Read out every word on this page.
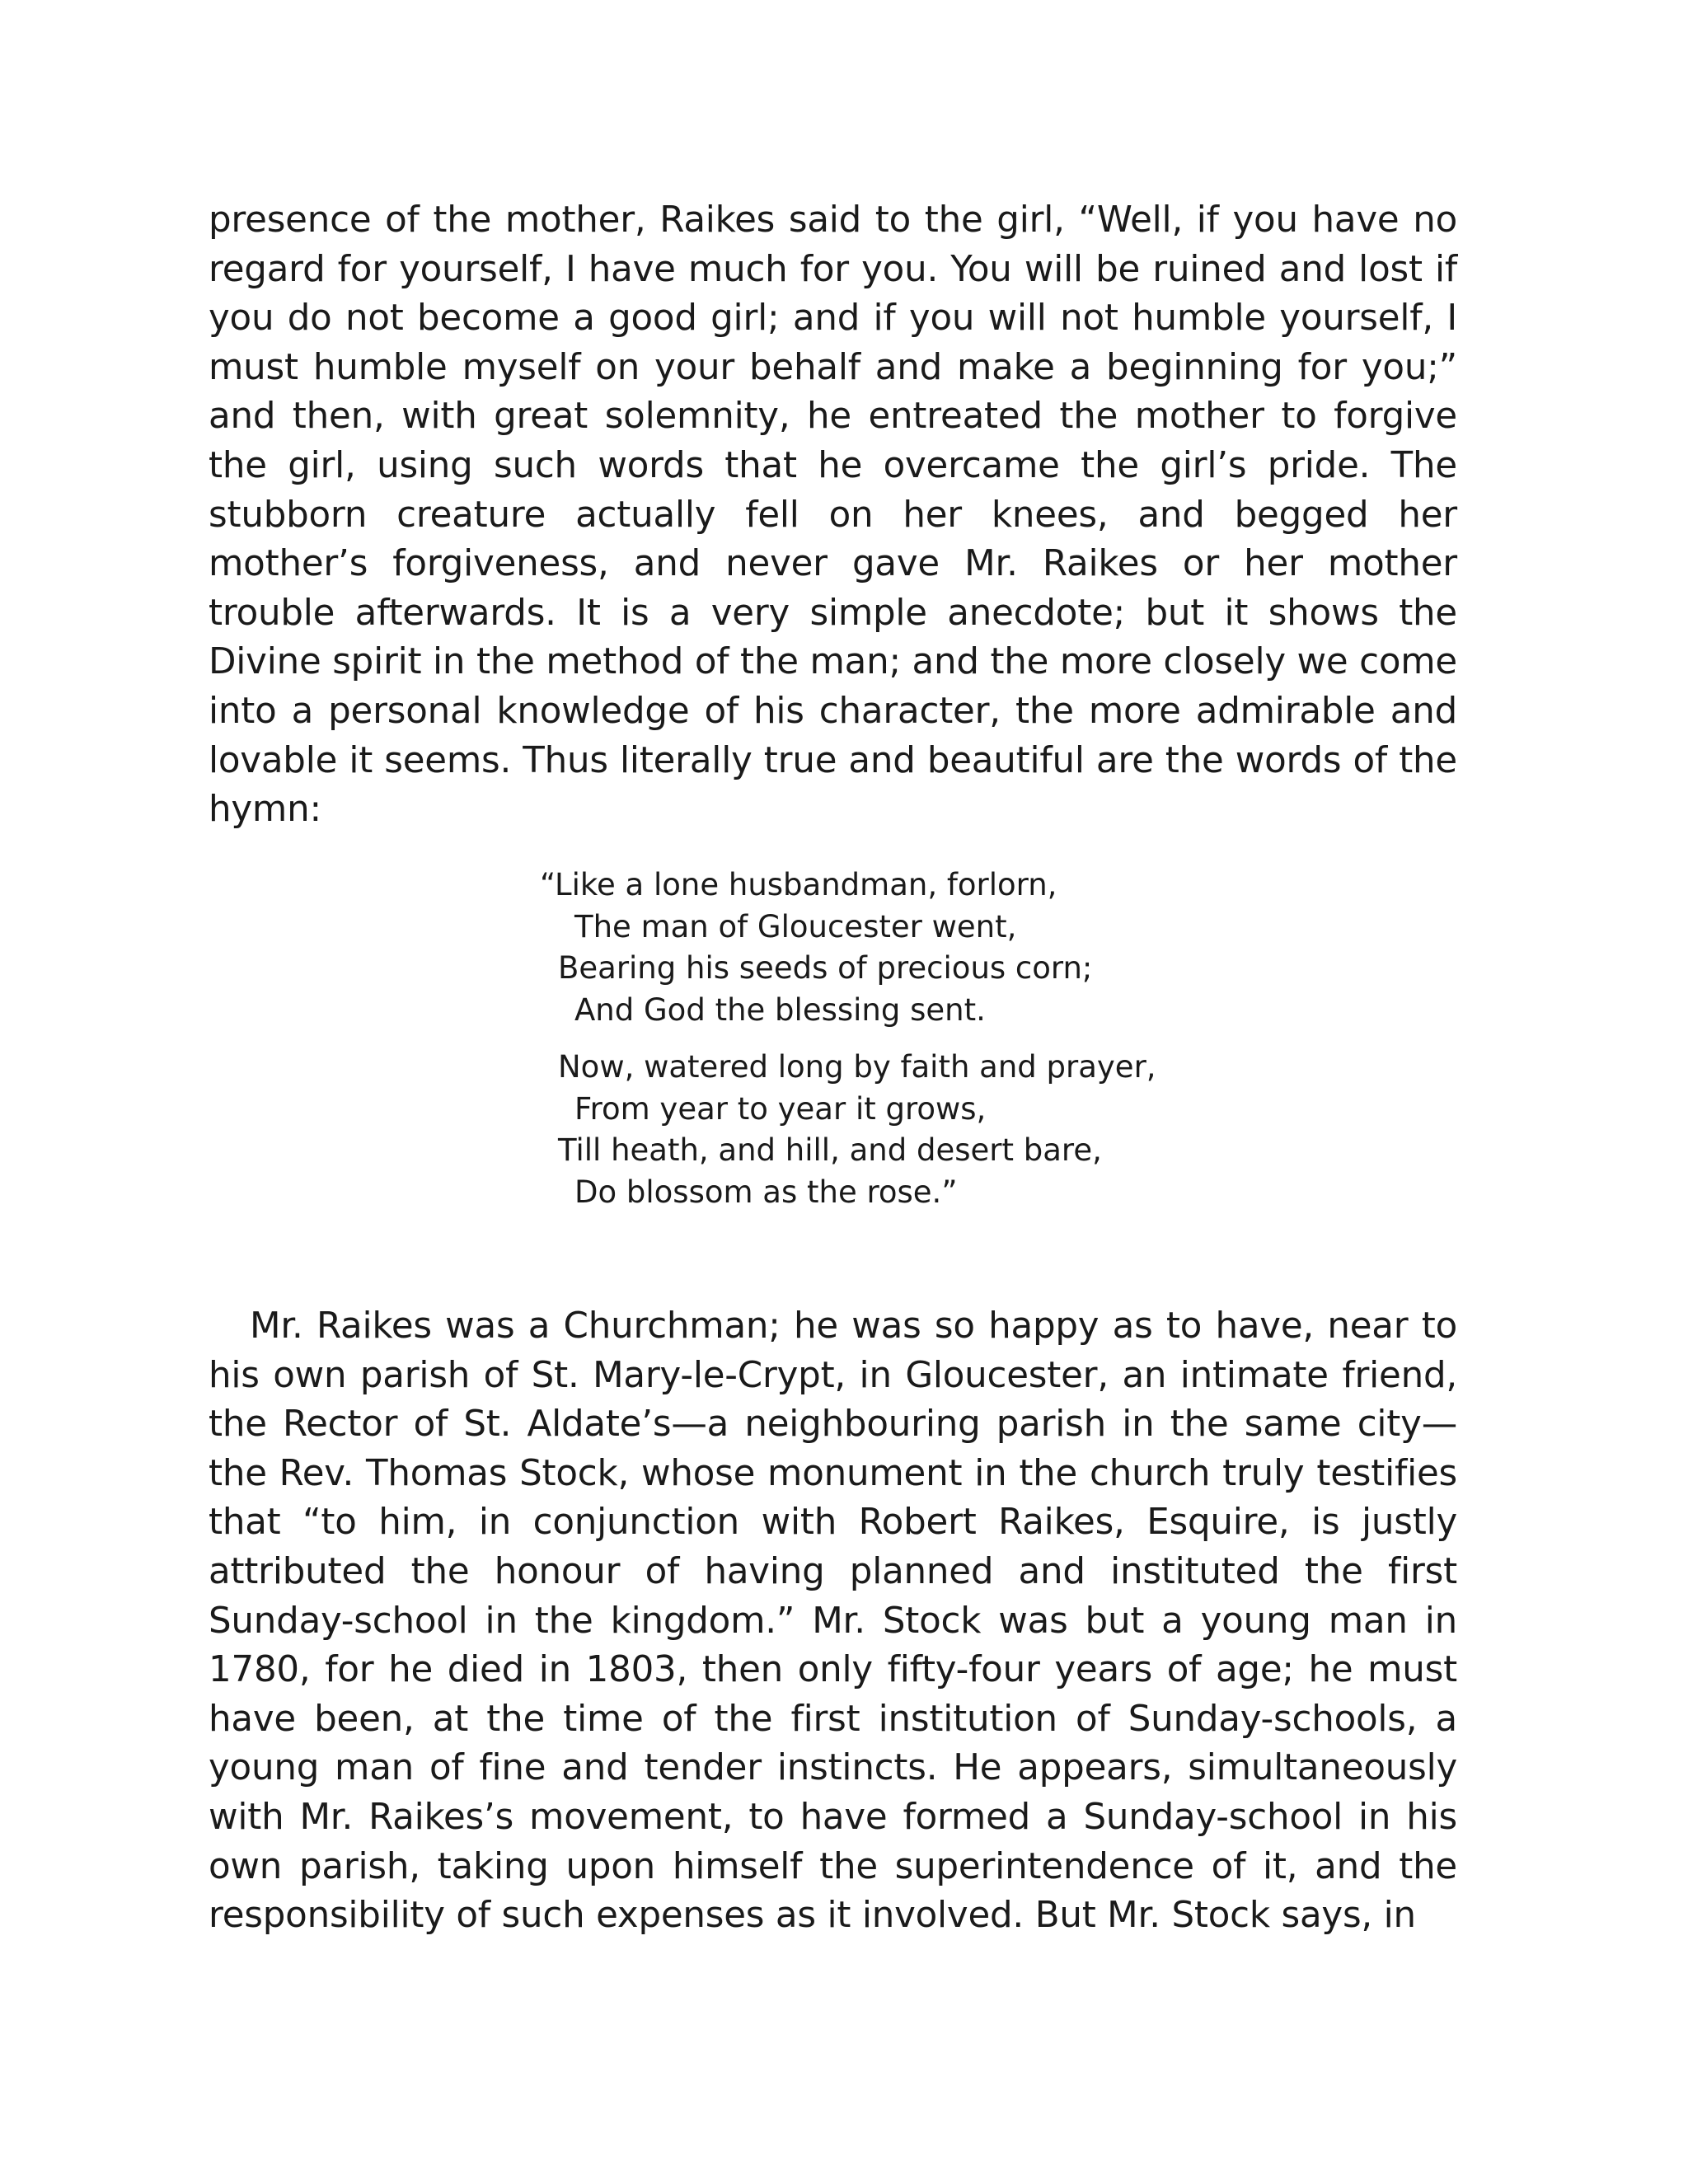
presence of the mother, Raikes said to the girl, “Well, if you have no regard for yourself, I have much for you. You will be ruined and lost if you do not become a good girl; and if you will not humble yourself, I must humble myself on your behalf and make a beginning for you;” and then, with great solemnity, he entreated the mother to forgive the girl, using such words that he overcame the girl’s pride. The stubborn creature actually fell on her knees, and begged her mother’s forgiveness, and never gave Mr. Raikes or her mother trouble afterwards. It is a very simple anecdote; but it shows the Divine spirit in the method of the man; and the more closely we come into a personal knowledge of his character, the more admirable and lovable it seems. Thus literally true and beautiful are the words of the hymn:

“Like a lone husbandman, forlorn,
The man of Gloucester went,
Bearing his seeds of precious corn;
And God the blessing sent.
Now, watered long by faith and prayer,
From year to year it grows,
Till heath, and hill, and desert bare,
Do blossom as the rose.”

Mr. Raikes was a Churchman; he was so happy as to have, near to his own parish of St. Mary-le-Crypt, in Gloucester, an intimate friend, the Rector of St. Aldate’s—a neighbouring parish in the same city—the Rev. Thomas Stock, whose monument in the church truly testifies that “to him, in conjunction with Robert Raikes, Esquire, is justly attributed the honour of having planned and instituted the first Sunday-school in the kingdom.” Mr. Stock was but a young man in 1780, for he died in 1803, then only fifty-four years of age; he must have been, at the time of the first institution of Sunday-schools, a young man of fine and tender instincts. He appears, simultaneously with Mr. Raikes’s movement, to have formed a Sunday-school in his own parish, taking upon himself the superintendence of it, and the responsibility of such expenses as it involved. But Mr. Stock says, in
